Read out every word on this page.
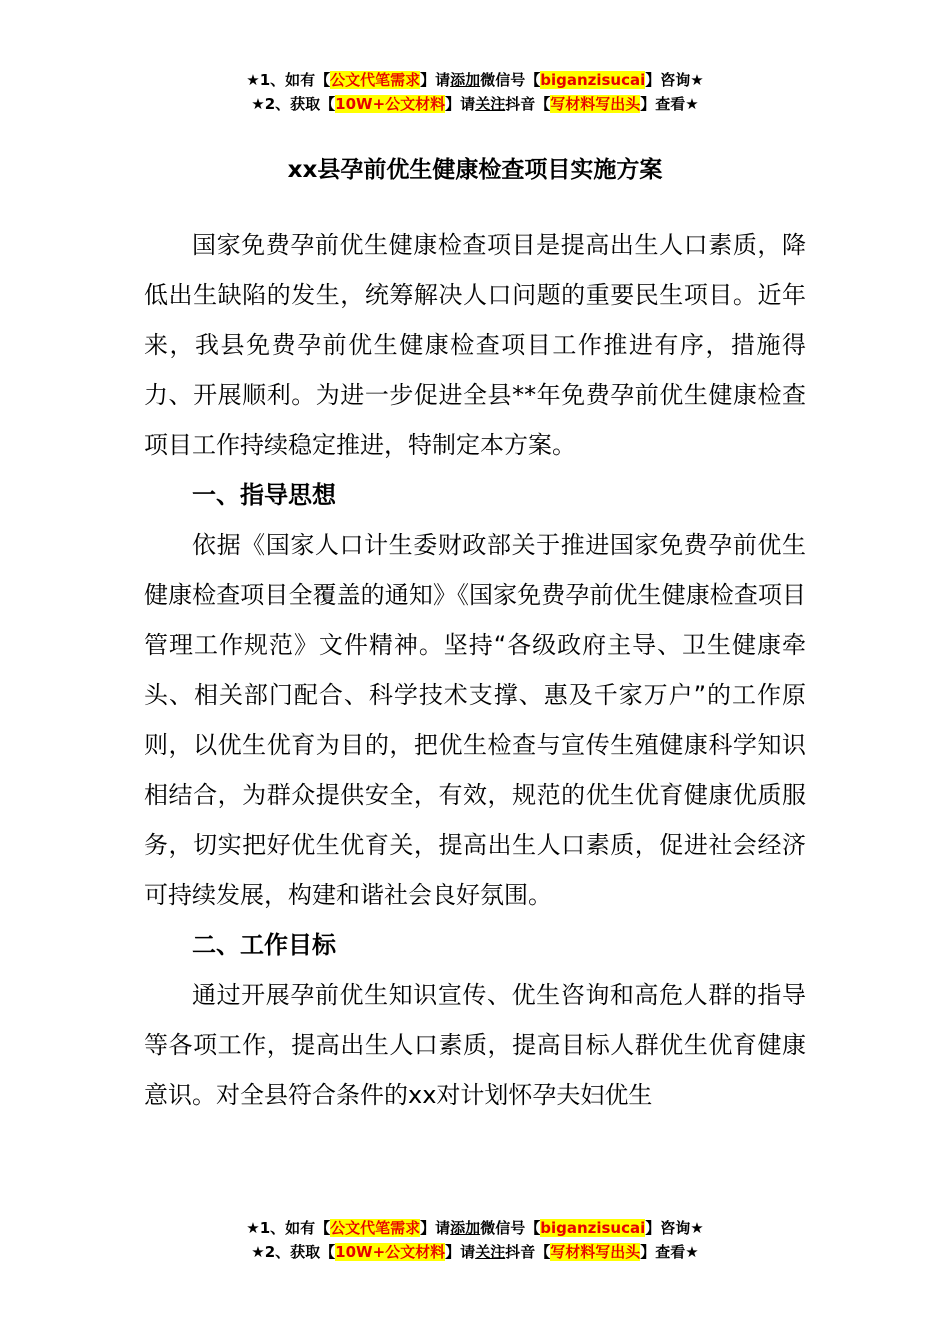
★1、如有【公文代笔需求】请添加微信号【biganzisucai】咨询★
★2、获取【10W+公文材料】请关注抖音【写材料写出头】查看★
xx县孕前优生健康检查项目实施方案

国家免费孕前优生健康检查项目是提高出生人口素质，降低出生缺陷的发生，统筹解决人口问题的重要民生项目。近年来，我县免费孕前优生健康检查项目工作推进有序，措施得力、开展顺利。为进一步促进全县**年免费孕前优生健康检查项目工作持续稳定推进，特制定本方案。

一、指导思想

依据《国家人口计生委财政部关于推进国家免费孕前优生健康检查项目全覆盖的通知》《国家免费孕前优生健康检查项目管理工作规范》文件精神。坚持“各级政府主导、卫生健康牵头、相关部门配合、科学技术支撑、惠及千家万户”的工作原则，以优生优育为目的，把优生检查与宣传生殖健康科学知识相结合，为群众提供安全，有效，规范的优生优育健康优质服务，切实把好优生优育关，提高出生人口素质，促进社会经济可持续发展，构建和谐社会良好氛围。

二、工作目标

通过开展孕前优生知识宣传、优生咨询和高危人群的指导等各项工作，提高出生人口素质，提高目标人群优生优育健康意识。对全县符合条件的xx对计划怀孕夫妇优生

★1、如有【公文代笔需求】请添加微信号【biganzisucai】咨询★
★2、获取【10W+公文材料】请关注抖音【写材料写出头】查看★
